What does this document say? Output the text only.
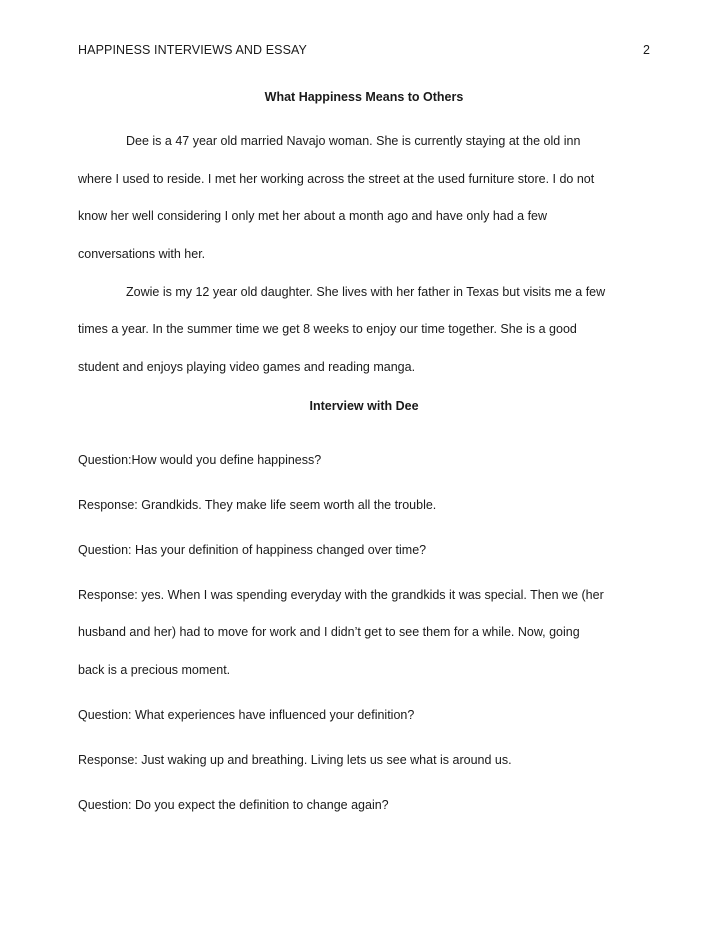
HAPPINESS INTERVIEWS AND ESSAY	2
What Happiness Means to Others
Dee is a 47 year old married Navajo woman. She is currently staying at the old inn
where I used to reside. I met her working across the street at the used furniture store. I do not
know her well considering I only met her about a month ago and have only had a few
conversations with her.
Zowie is my 12 year old daughter. She lives with her father in Texas but visits me a few
times a year. In the summer time we get 8 weeks to enjoy our time together. She is a good
student and enjoys playing video games and reading manga.
Interview with Dee
Question:How would you define happiness?
Response: Grandkids. They make life seem worth all the trouble.
Question: Has your definition of happiness changed over time?
Response: yes. When I was spending everyday with the grandkids it was special. Then we (her
husband and her) had to move for work and I didn’t get to see them for a while. Now, going
back is a precious moment.
Question: What experiences have influenced your definition?
Response: Just waking up and breathing. Living lets us see what is around us.
Question: Do you expect the definition to change again?
